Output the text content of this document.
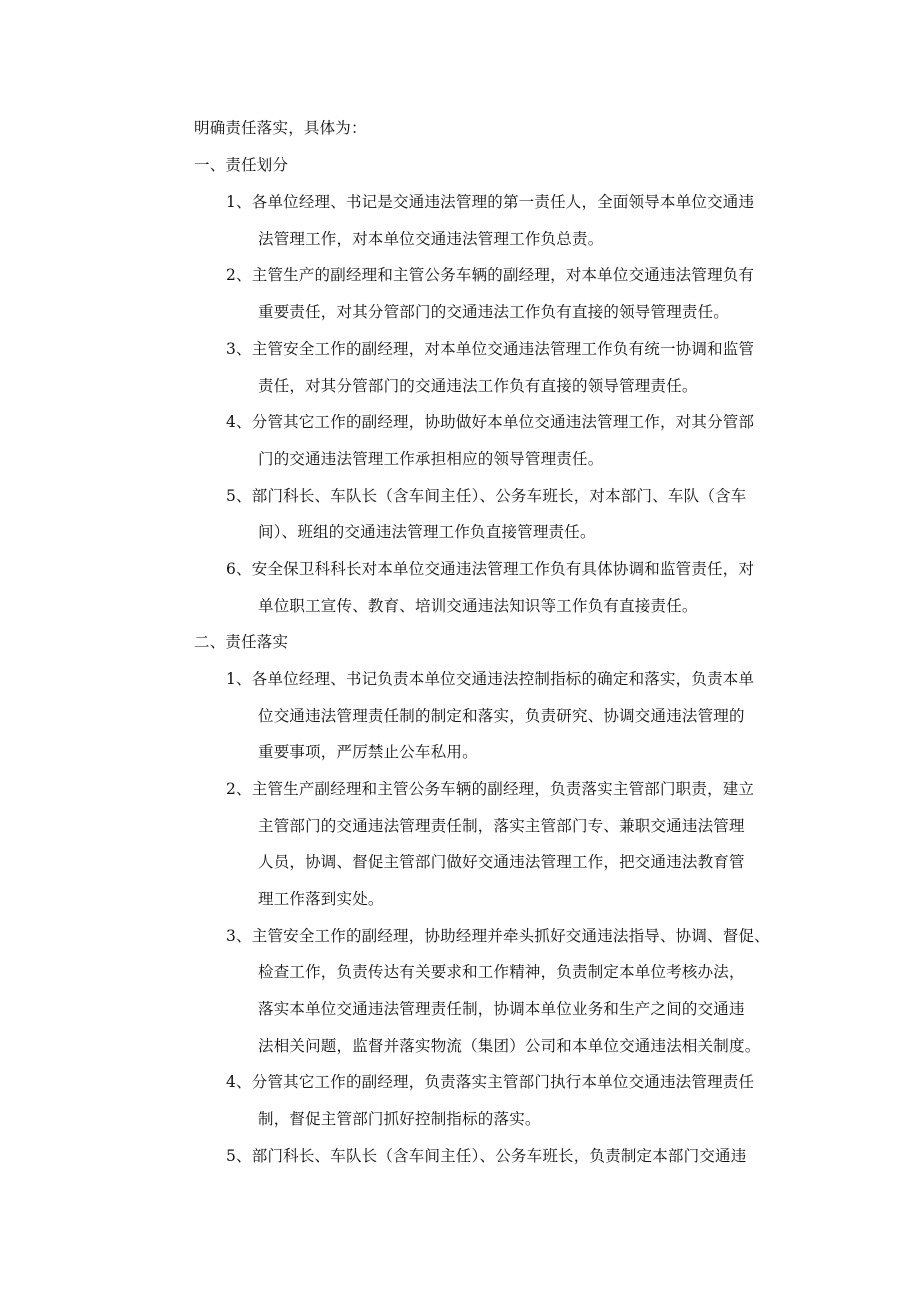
明确责任落实，具体为：
一、责任划分
1、各单位经理、书记是交通违法管理的第一责任人，全面领导本单位交通违
法管理工作，对本单位交通违法管理工作负总责。
2、主管生产的副经理和主管公务车辆的副经理，对本单位交通违法管理负有
重要责任，对其分管部门的交通违法工作负有直接的领导管理责任。
3、主管安全工作的副经理，对本单位交通违法管理工作负有统一协调和监管
责任，对其分管部门的交通违法工作负有直接的领导管理责任。
4、分管其它工作的副经理，协助做好本单位交通违法管理工作，对其分管部
门的交通违法管理工作承担相应的领导管理责任。
5、部门科长、车队长（含车间主任）、公务车班长，对本部门、车队（含车
间）、班组的交通违法管理工作负直接管理责任。
6、安全保卫科科长对本单位交通违法管理工作负有具体协调和监管责任，对
单位职工宣传、教育、培训交通违法知识等工作负有直接责任。
二、责任落实
1、各单位经理、书记负责本单位交通违法控制指标的确定和落实，负责本单
位交通违法管理责任制的制定和落实，负责研究、协调交通违法管理的
重要事项，严厉禁止公车私用。
2、主管生产副经理和主管公务车辆的副经理，负责落实主管部门职责，建立
主管部门的交通违法管理责任制，落实主管部门专、兼职交通违法管理
人员，协调、督促主管部门做好交通违法管理工作，把交通违法教育管
理工作落到实处。
3、主管安全工作的副经理，协助经理并牵头抓好交通违法指导、协调、督促、
检查工作，负责传达有关要求和工作精神，负责制定本单位考核办法，
落实本单位交通违法管理责任制，协调本单位业务和生产之间的交通违
法相关问题，监督并落实物流（集团）公司和本单位交通违法相关制度。
4、分管其它工作的副经理，负责落实主管部门执行本单位交通违法管理责任
制，督促主管部门抓好控制指标的落实。
5、部门科长、车队长（含车间主任）、公务车班长，负责制定本部门交通违
